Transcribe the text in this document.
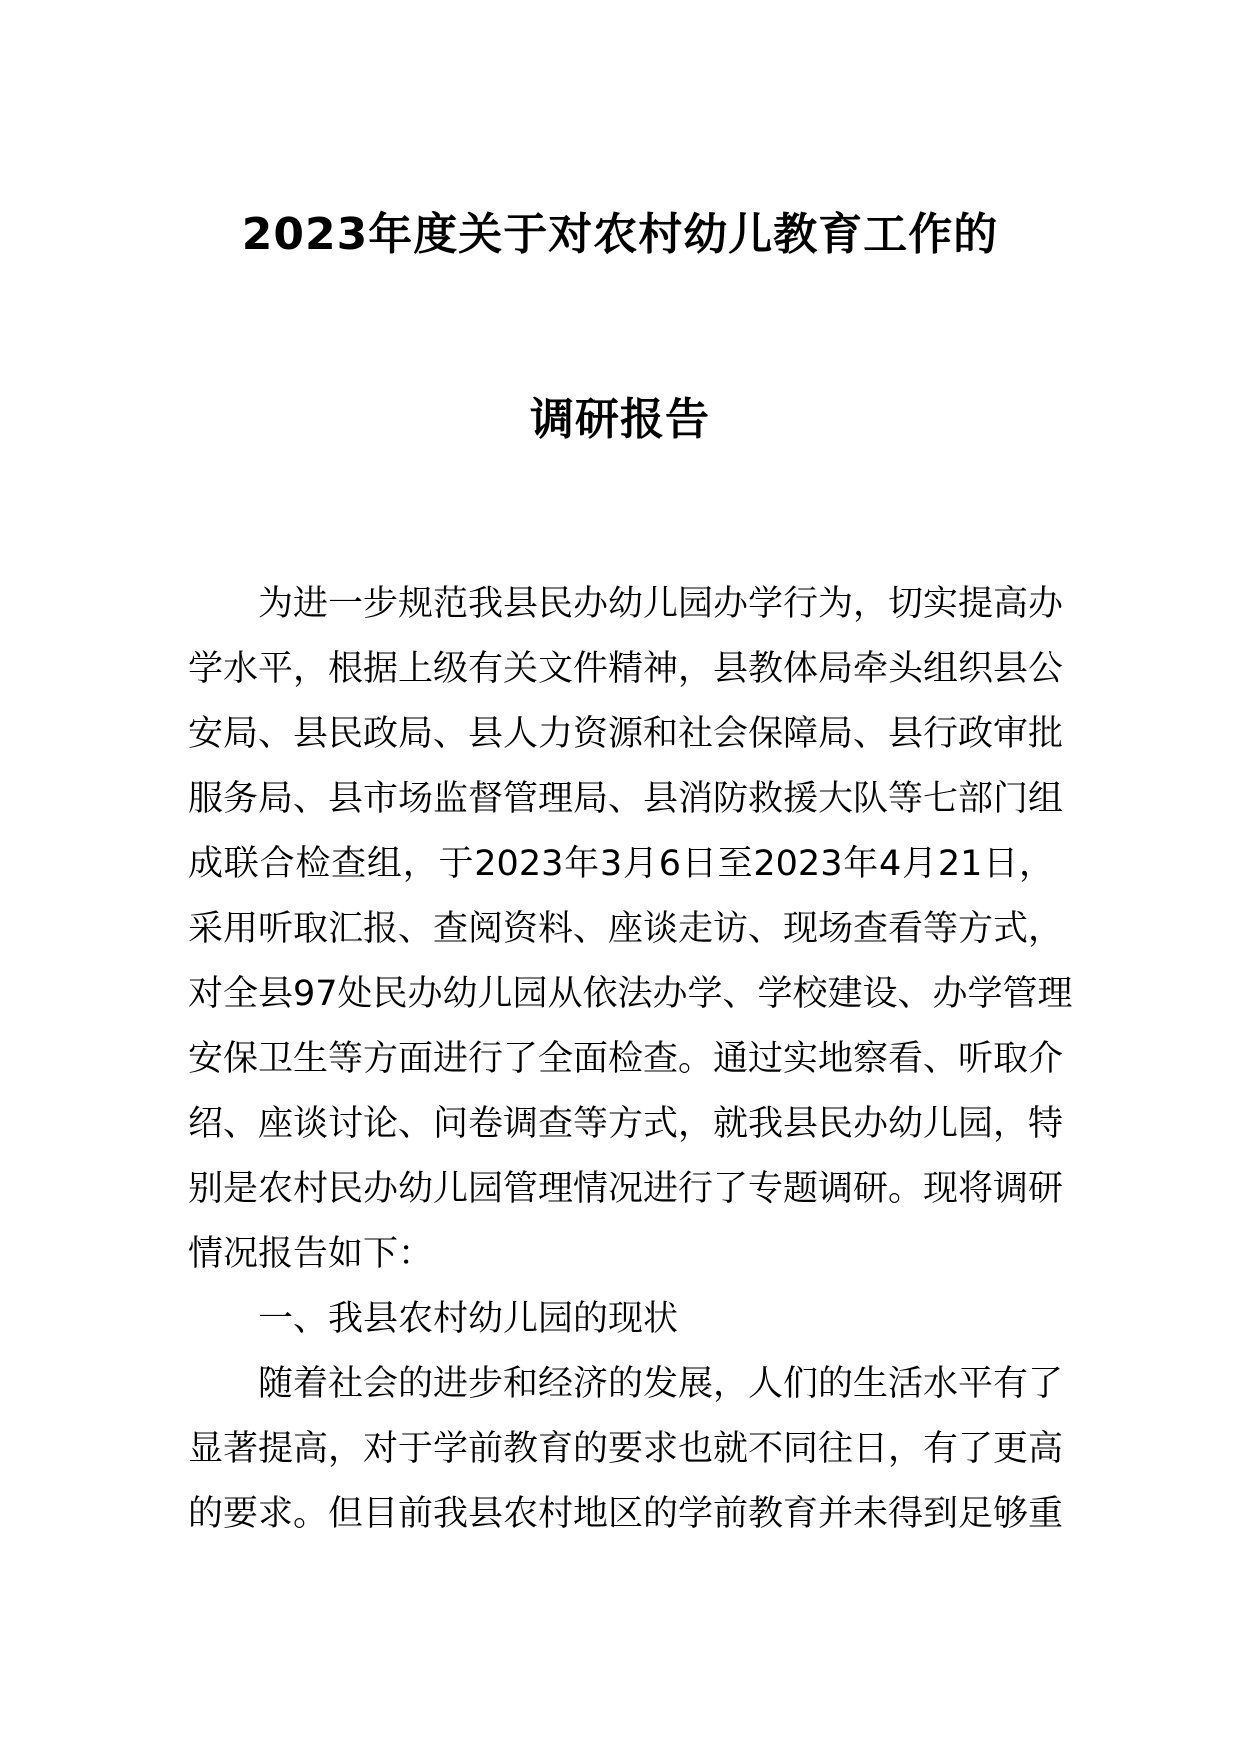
2023年度关于对农村幼儿教育工作的
调研报告
为进一步规范我县民办幼儿园办学行为，切实提高办
学水平，根据上级有关文件精神，县教体局牵头组织县公
安局、县民政局、县人力资源和社会保障局、县行政审批
服务局、县市场监督管理局、县消防救援大队等七部门组
成联合检查组，于2023年3月6日至2023年4月21日，
采用听取汇报、查阅资料、座谈走访、现场查看等方式，
对全县97处民办幼儿园从依法办学、学校建设、办学管理
安保卫生等方面进行了全面检查。通过实地察看、听取介
绍、座谈讨论、问卷调查等方式，就我县民办幼儿园，特
别是农村民办幼儿园管理情况进行了专题调研。现将调研
情况报告如下：
一、我县农村幼儿园的现状
随着社会的进步和经济的发展，人们的生活水平有了
显著提高，对于学前教育的要求也就不同往日，有了更高
的要求。但目前我县农村地区的学前教育并未得到足够重
